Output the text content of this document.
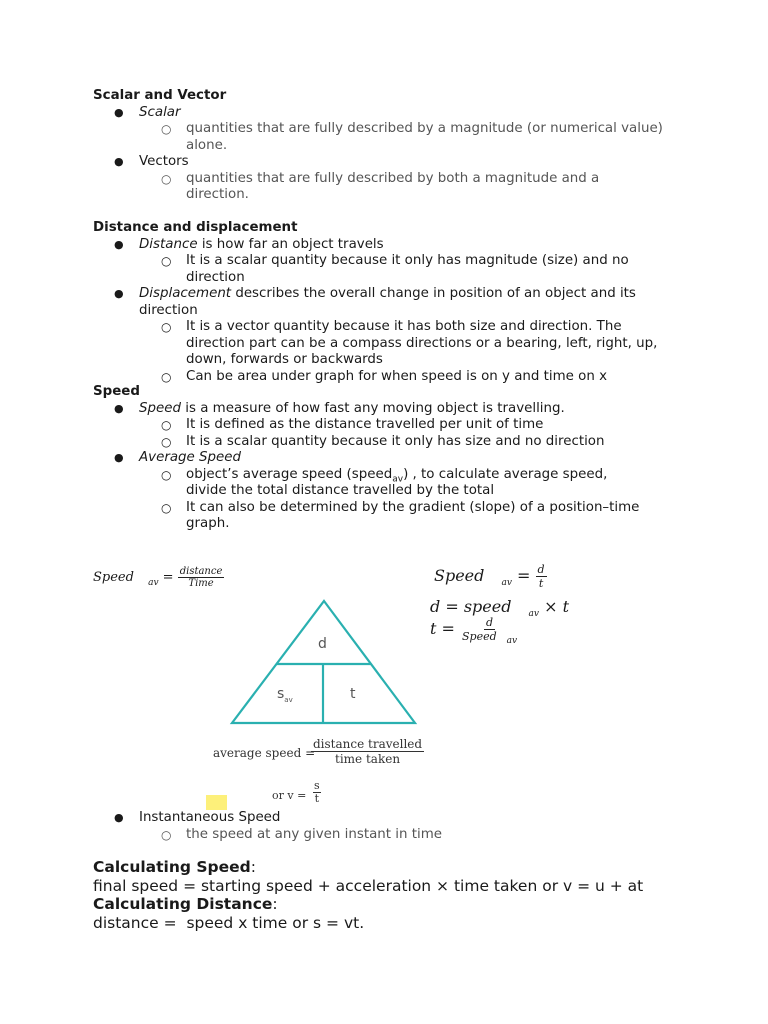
Scalar and Vector
● Scalar
○ quantities that are fully described by a magnitude (or numerical value)
alone.
● Vectors
○ quantities that are fully described by both a magnitude and a
direction.
Distance and displacement
● Distance is how far an object travels
○ It is a scalar quantity because it only has magnitude (size) and no
direction
● Displacement describes the overall change in position of an object and its
direction
○ It is a vector quantity because it has both size and direction. The
direction part can be a compass directions or a bearing, left, right, up,
down, forwards or backwards
○ Can be area under graph for when speed is on y and time on x
Speed
● Speed is a measure of how fast any moving object is travelling.
○ It is defined as the distance travelled per unit of time
○ It is a scalar quantity because it only has size and no direction
● Average Speed
○ object’s average speed (speed$_{av}$) , to calculate average speed,
divide the total distance travelled by the total
○ It can also be determined by the gradient (slope) of a position–time
graph.
Speed $_{av} = \frac{\text{distance}}{\text{Time}}$	Speed $_{av} = \frac{d}{t}$
d = speed $_{av}$ × t
$t = \frac{d}{Speed _{av}}$
d
$s_{av}$	t
average speed =
distance travelled
time taken
or v =
s
t
● Instantaneous Speed
○ the speed at any given instant in time
Calculating Speed:
final speed = starting speed + acceleration × time taken or v = u + at
Calculating Distance:
distance =  speed x time or s = vt.
